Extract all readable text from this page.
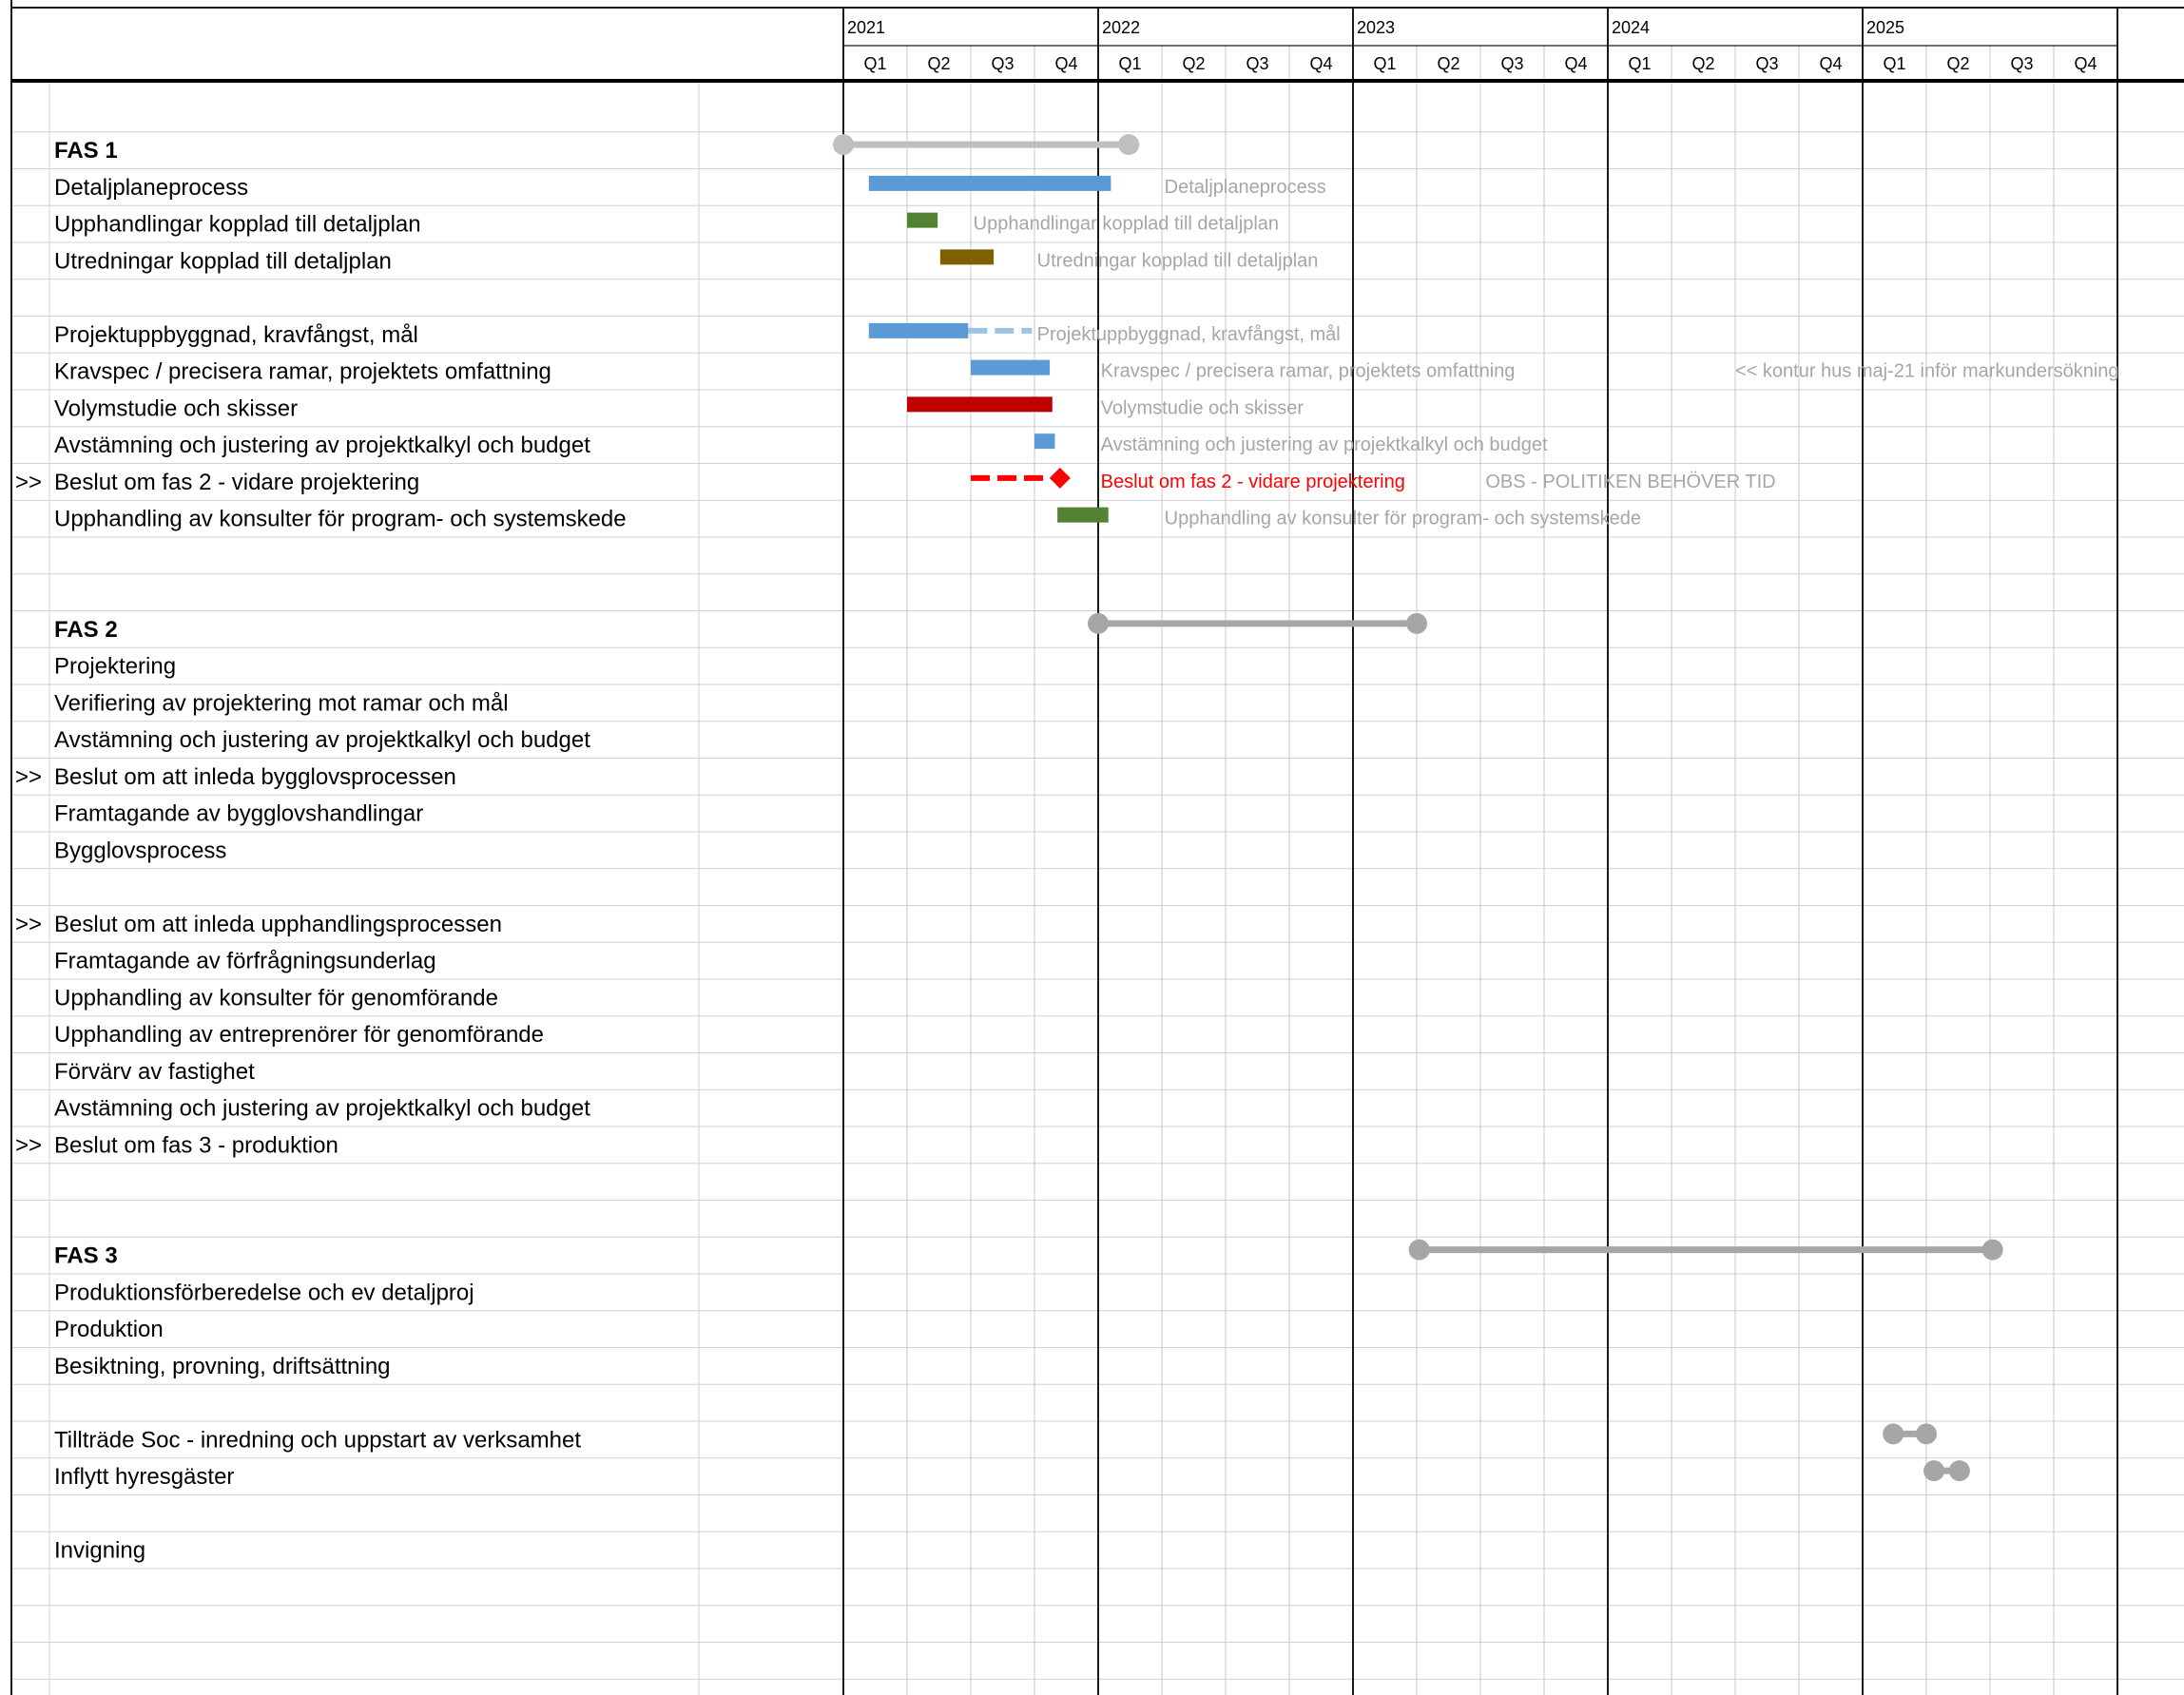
2021	2022	2023	2024	2025
Q1 Q2 Q3 Q4 Q1 Q2 Q3 Q4 Q1 Q2 Q3 Q4 Q1 Q2 Q3 Q4 Q1 Q2 Q3 Q4
FAS 1
Detaljplaneprocess
Upphandlingar kopplad till detaljplan
Utredningar kopplad till detaljplan
Projektuppbyggnad, kravfångst, mål
Kravspec / precisera ramar, projektets omfattning
Volymstudie och skisser
Avstämning och justering av projektkalkyl och budget
>> Beslut om fas 2 - vidare projektering
Upphandling av konsulter för program- och systemskede
FAS 2
Projektering
Verifiering av projektering mot ramar och mål
Avstämning och justering av projektkalkyl och budget
>> Beslut om att inleda bygglovsprocessen
Framtagande av bygglovshandlingar
Bygglovsprocess
>> Beslut om att inleda upphandlingsprocessen
Framtagande av förfrågningsunderlag
Upphandling av konsulter för genomförande
Upphandling av entreprenörer för genomförande
Förvärv av fastighet
Avstämning och justering av projektkalkyl och budget
>> Beslut om fas 3 - produktion
FAS 3
Produktionsförberedelse och ev detaljproj
Produktion
Besiktning, provning, driftsättning
Tillträde Soc - inredning och uppstart av verksamhet
Inflytt hyresgäster
Invigning
Detaljplaneprocess
Upphandlingar kopplad till detaljplan
Utredningar kopplad till detaljplan
Projektuppbyggnad, kravfångst, mål
Kravspec / precisera ramar, projektets omfattning
Volymstudie och skisser
Avstämning och justering av projektkalkyl och budget
Upphandling av konsulter för program- och systemskede
Beslut om fas 2 - vidare projektering
<< kontur hus maj-21 inför markundersökning
OBS - POLITIKEN BEHÖVER TID
